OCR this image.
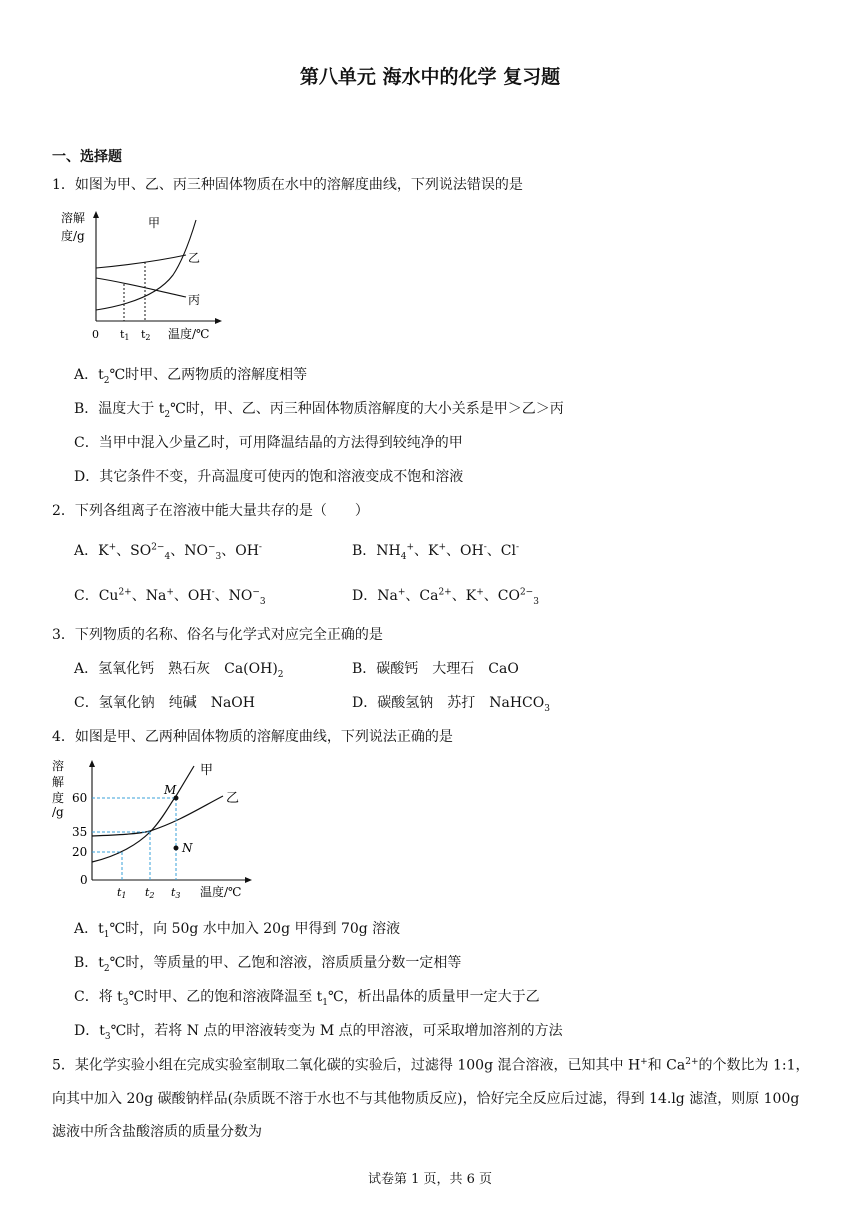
第八单元 海水中的化学 复习题
一、选择题
1．如图为甲、乙、丙三种固体物质在水中的溶解度曲线，下列说法错误的是
溶解
度/g
甲
乙
丙
0 t1 t2 温度/℃
A．$t_2℃$时甲、乙两物质的溶解度相等
B．温度大于 $t_2℃$时，甲、乙、丙三种固体物质溶解度的大小关系是甲＞乙＞丙
C．当甲中混入少量乙时，可用降温结晶的方法得到较纯净的甲
D．其它条件不变，升高温度可使丙的饱和溶液变成不饱和溶液
2．下列各组离子在溶液中能大量共存的是（　　）
A．K+、$SO^{2-}_4$、$NO^-_3$、OH-	B．$NH_4^+$、K+、OH-、Cl-
C．$Cu^{2+}$、Na+、OH-、$NO^-_3$	D．Na+、$Ca^{2+}$、K+、$CO^{2-}_3$
3．下列物质的名称、俗名与化学式对应完全正确的是
A．氢氧化钙　熟石灰　$Ca(OH)_2$	B．碳酸钙　大理石　CaO
C．氢氧化钠　纯碱　NaOH	D．碳酸氢钠　苏打　NaHCO$_3$
4．如图是甲、乙两种固体物质的溶解度曲线，下列说法正确的是
溶
解
度
/g
60
35
20
0
甲
乙
M
N
t1 t2 t3 温度/℃
A．$t_1℃$时，向 50g 水中加入 20g 甲得到 70g 溶液
B．$t_2℃$时，等质量的甲、乙饱和溶液，溶质质量分数一定相等
C．将 $t_3℃$时甲、乙的饱和溶液降温至 $t_1℃$，析出晶体的质量甲一定大于乙
D．$t_3℃$时，若将 N 点的甲溶液转变为 M 点的甲溶液，可采取增加溶剂的方法
5．某化学实验小组在完成实验室制取二氧化碳的实验后，过滤得 100g 混合溶液，已知其中 H+和 $Ca^{2+}$的个数比为 1:1，向其中加入 20g 碳酸钠样品(杂质既不溶于水也不与其他物质反应)，恰好完全反应后过滤，得到 14.lg 滤渣，则原 100g 滤液中所含盐酸溶质的质量分数为
试卷第 1 页，共 6 页
